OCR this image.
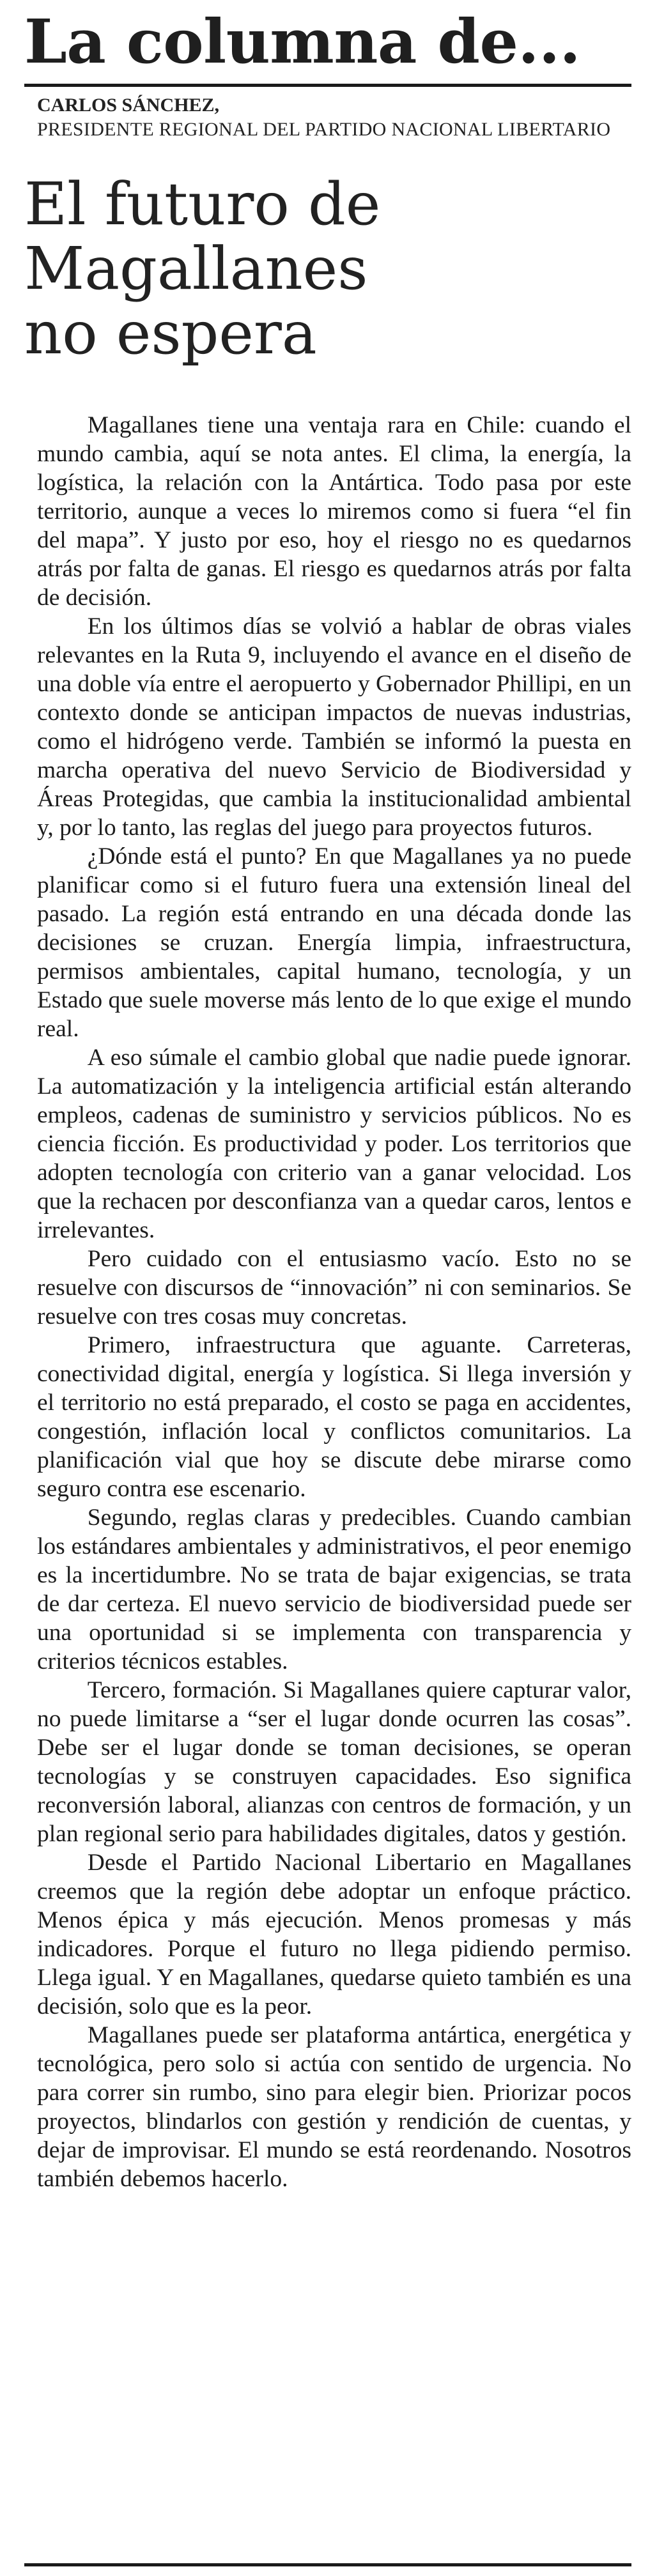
La columna de...
CARLOS SÁNCHEZ,
PRESIDENTE REGIONAL DEL PARTIDO NACIONAL LIBERTARIO
El futuro de
Magallanes
no espera

Magallanes tiene una ventaja rara en Chile: cuando el mundo cambia, aquí se nota antes. El clima, la energía, la logística, la relación con la Antártica. Todo pasa por este territorio, aunque a veces lo miremos como si fuera “el fin del mapa”. Y justo por eso, hoy el riesgo no es quedarnos atrás por falta de ganas. El riesgo es quedarnos atrás por falta de decisión.

En los últimos días se volvió a hablar de obras viales relevantes en la Ruta 9, incluyendo el avance en el diseño de una doble vía entre el aeropuerto y Gobernador Phillipi, en un contexto donde se anticipan impactos de nuevas industrias, como el hidrógeno verde. También se informó la puesta en marcha operativa del nuevo Servicio de Biodiversidad y Áreas Protegidas, que cambia la institucionalidad ambiental y, por lo tanto, las reglas del juego para proyectos futuros.

¿Dónde está el punto? En que Magallanes ya no puede planificar como si el futuro fuera una extensión lineal del pasado. La región está entrando en una década donde las decisiones se cruzan. Energía limpia, infraestructura, permisos ambientales, capital humano, tecnología, y un Estado que suele moverse más lento de lo que exige el mundo real.

A eso súmale el cambio global que nadie puede ignorar. La automatización y la inteligencia artificial están alterando empleos, cadenas de suministro y servicios públicos. No es ciencia ficción. Es productividad y poder. Los territorios que adopten tecnología con criterio van a ganar velocidad. Los que la rechacen por desconfianza van a quedar caros, lentos e irrelevantes.

Pero cuidado con el entusiasmo vacío. Esto no se resuelve con discursos de “innovación” ni con seminarios. Se resuelve con tres cosas muy concretas.

Primero, infraestructura que aguante. Carreteras, conectividad digital, energía y logística. Si llega inversión y el territorio no está preparado, el costo se paga en accidentes, congestión, inflación local y conflictos comunitarios. La planificación vial que hoy se discute debe mirarse como seguro contra ese escenario.

Segundo, reglas claras y predecibles. Cuando cambian los estándares ambientales y administrativos, el peor enemigo es la incertidumbre. No se trata de bajar exigencias, se trata de dar certeza. El nuevo servicio de biodiversidad puede ser una oportunidad si se implementa con transparencia y criterios técnicos estables.

Tercero, formación. Si Magallanes quiere capturar valor, no puede limitarse a “ser el lugar donde ocurren las cosas”. Debe ser el lugar donde se toman decisiones, se operan tecnologías y se construyen capacidades. Eso significa reconversión laboral, alianzas con centros de formación, y un plan regional serio para habilidades digitales, datos y gestión.

Desde el Partido Nacional Libertario en Magallanes creemos que la región debe adoptar un enfoque práctico. Menos épica y más ejecución. Menos promesas y más indicadores. Porque el futuro no llega pidiendo permiso. Llega igual. Y en Magallanes, quedarse quieto también es una decisión, solo que es la peor.

Magallanes puede ser plataforma antártica, energética y tecnológica, pero solo si actúa con sentido de urgencia. No para correr sin rumbo, sino para elegir bien. Priorizar pocos proyectos, blindarlos con gestión y rendición de cuentas, y dejar de improvisar. El mundo se está reordenando. Nosotros también debemos hacerlo.
